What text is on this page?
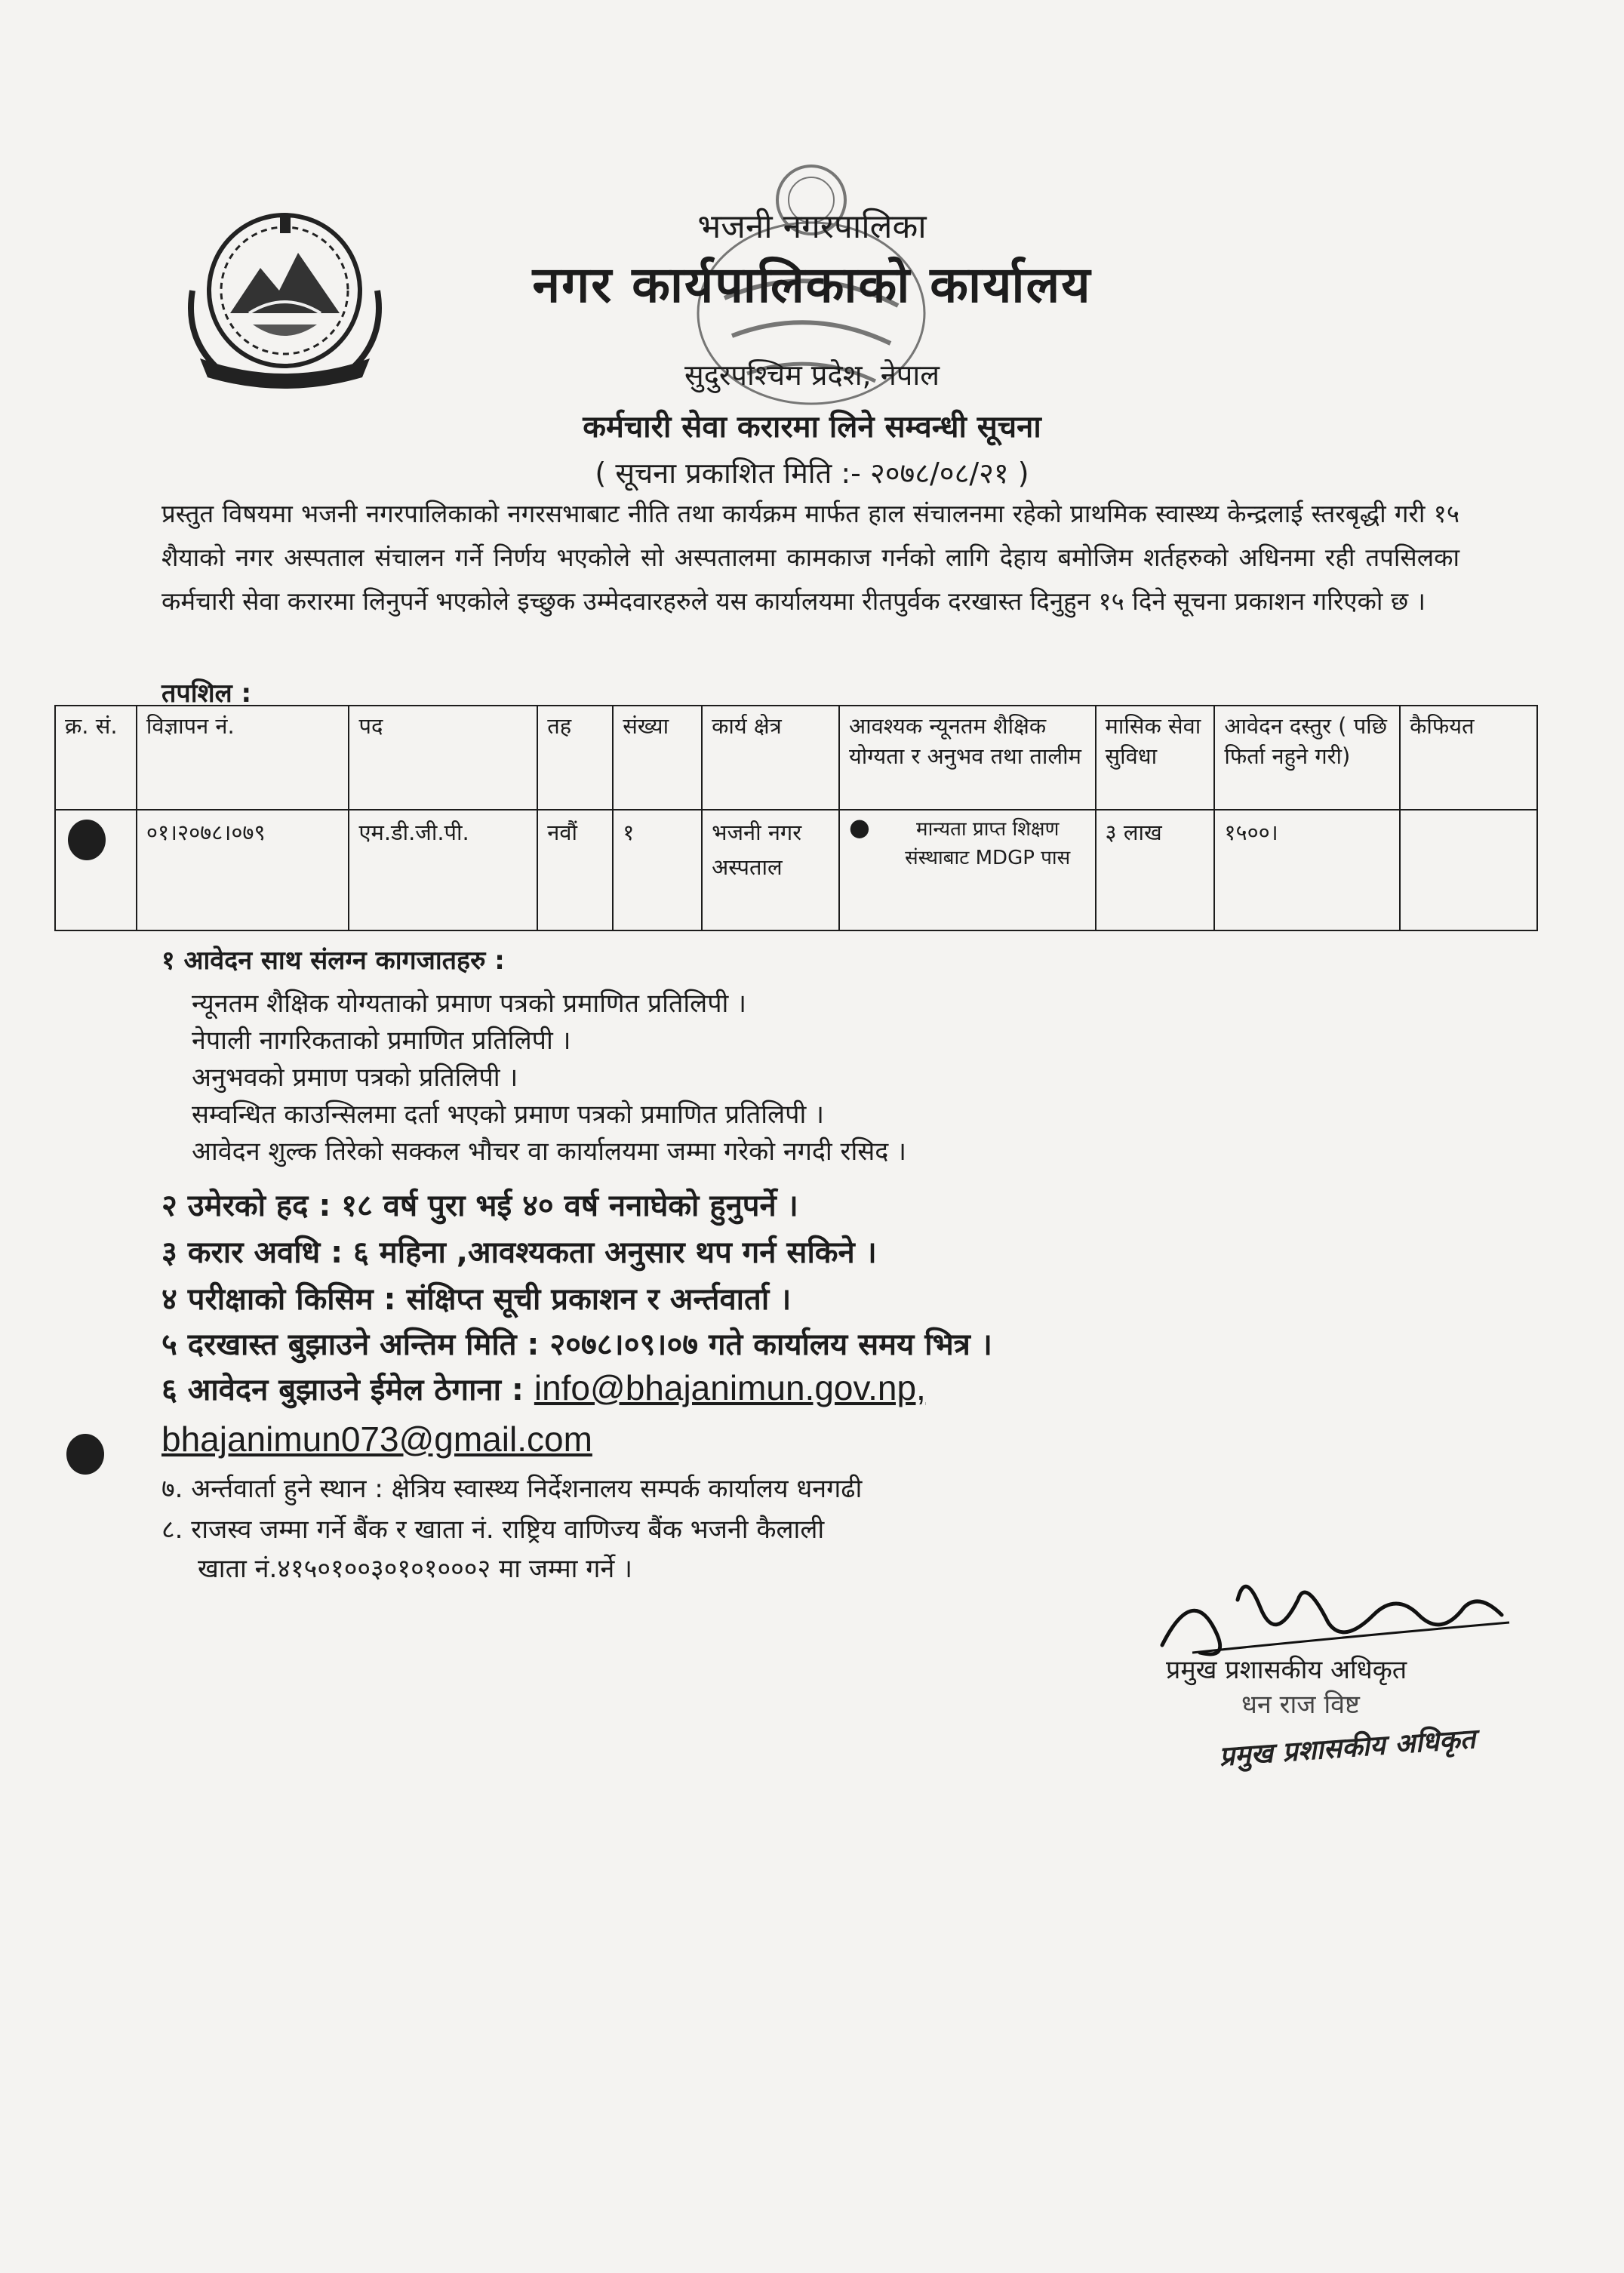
भजनी नगरपालिका
नगर कार्यपालिकाको कार्यालय
सुदुरपश्चिम प्रदेश, नेपाल
कर्मचारी सेवा करारमा लिने सम्वन्धी सूचना
( सूचना प्रकाशित मिति :- २०७८/०८/२१ )
प्रस्तुत विषयमा भजनी नगरपालिकाको नगरसभाबाट नीति तथा कार्यक्रम मार्फत हाल संचालनमा रहेको प्राथमिक स्वास्थ्य केन्द्रलाई स्तरबृद्धी गरी १५ शैयाको नगर अस्पताल संचालन गर्ने निर्णय भएकोले सो अस्पतालमा कामकाज गर्नको लागि देहाय बमोजिम शर्तहरुको अधिनमा रही तपसिलका कर्मचारी सेवा करारमा लिनुपर्ने भएकोले इच्छुक उम्मेदवारहरुले यस कार्यालयमा रीतपुर्वक दरखास्त दिनुहुन १५ दिने सूचना प्रकाशन गरिएको छ ।
तपशिल :
क्र. सं.	विज्ञापन नं.	पद	तह	संख्या	कार्य क्षेत्र	आवश्यक न्यूनतम शैक्षिक योग्यता र अनुभव तथा तालीम	मासिक सेवा सुविधा	आवेदन दस्तुर ( पछि फिर्ता नहुने गरी)	कैफियत
	०१।२०७८।०७९	एम.डी.जी.पी.	नवौं	१	भजनी नगर अस्पताल	● मान्यता प्राप्त शिक्षण संस्थाबाट MDGP पास	३ लाख	१५००।	
१ आवेदन साथ संलग्न कागजातहरु :
न्यूनतम शैक्षिक योग्यताको प्रमाण पत्रको प्रमाणित प्रतिलिपी ।
नेपाली नागरिकताको प्रमाणित प्रतिलिपी ।
अनुभवको प्रमाण पत्रको प्रतिलिपी ।
सम्वन्धित काउन्सिलमा दर्ता भएको प्रमाण पत्रको प्रमाणित प्रतिलिपी ।
आवेदन शुल्क तिरेको सक्कल भौचर वा कार्यालयमा जम्मा गरेको नगदी रसिद ।
२ उमेरको हद : १८ वर्ष पुरा भई ४० वर्ष ननाघेको हुनुपर्ने ।
३ करार अवधि : ६ महिना ,आवश्यकता अनुसार थप गर्न सकिने ।
४ परीक्षाको किसिम : संक्षिप्त सूची प्रकाशन र अर्न्तवार्ता ।
५ दरखास्त बुझाउने अन्तिम मिति : २०७८।०९।०७ गते कार्यालय समय भित्र ।
६ आवेदन बुझाउने ईमेल ठेगाना : info@bhajanimun.gov.np,
bhajanimun073@gmail.com
७. अर्न्तवार्ता हुने स्थान : क्षेत्रिय स्वास्थ्य निर्देशनालय सम्पर्क कार्यालय धनगढी
८. राजस्व जम्मा गर्ने बैंक र खाता नं. राष्ट्रिय वाणिज्य बैंक भजनी कैलाली
खाता नं.४१५०१००३०१०१०००२ मा जम्मा गर्ने ।
प्रमुख प्रशासकीय अधिकृत
धन राज विष्ट
प्रमुख प्रशासकीय अधिकृत
